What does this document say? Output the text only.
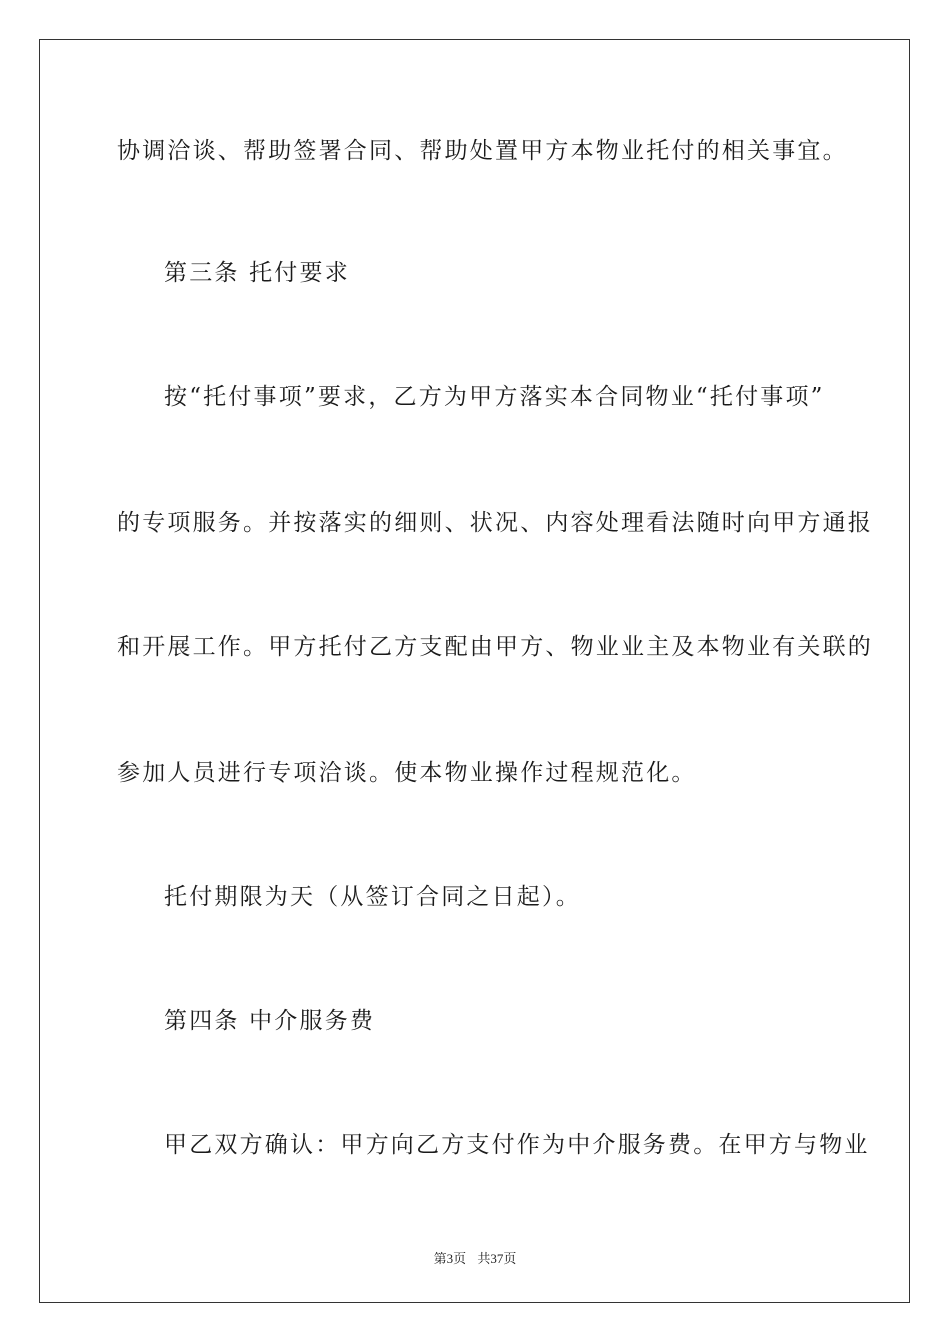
协调洽谈、帮助签署合同、帮助处置甲方本物业托付的相关事宜。
第三条 托付要求
按“托付事项”要求，乙方为甲方落实本合同物业“托付事项”
的专项服务。并按落实的细则、状况、内容处理看法随时向甲方通报
和开展工作。甲方托付乙方支配由甲方、物业业主及本物业有关联的
参加人员进行专项洽谈。使本物业操作过程规范化。
托付期限为天（从签订合同之日起）。
第四条 中介服务费
甲乙双方确认：甲方向乙方支付作为中介服务费。在甲方与物业
第3页 共37页
